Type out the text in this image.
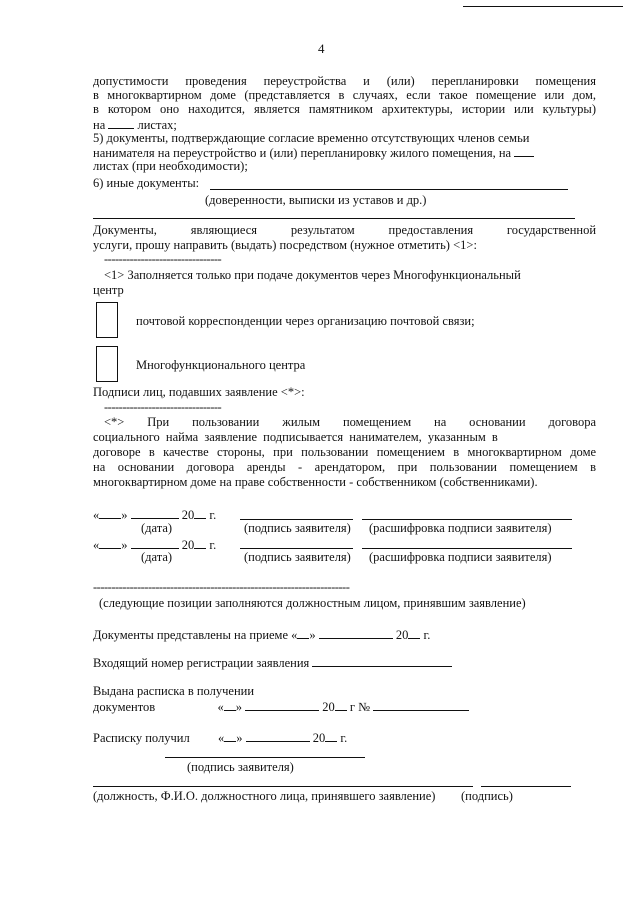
4
допустимости проведения переустройства и (или) перепланировки помещения
в многоквартирном доме (представляется в случаях, если такое помещение или дом,
в котором оно находится, является памятником архитектуры, истории или культуры)
на	листах;
5) документы, подтверждающие согласие временно отсутствующих членов семьи
нанимателя на переустройство и (или) перепланировку жилого помещения, на
листах (при необходимости);
6) иные документы:
(доверенности, выписки из уставов и др.)
Документы,	являющиеся	результатом	предоставления	государственной
услуги, прошу направить (выдать) посредством (нужное отметить) <1>:
--------------------------------
<1> Заполняется только при подаче документов через Многофункциональный
центр
почтовой корреспонденции через организацию почтовой связи;
Многофункционального центра
Подписи лиц, подавших заявление <*>:
--------------------------------
<*> При пользовании жилым помещением на основании договора
социального найма заявление подписывается нанимателем, указанным в
договоре в качестве стороны, при пользовании помещением в многоквартирном доме
на основании договора аренды - арендатором, при пользовании помещением в
многоквартирном доме на праве собственности - собственником (собственниками).
« »	20 г.
(дата)	(подпись заявителя) (расшифровка подписи заявителя)
« »	20 г.
(дата)	(подпись заявителя) (расшифровка подписи заявителя)
----------------------------------------------------------------------
(следующие позиции заполняются должностным лицом, принявшим заявление)
Документы представлены на приеме « »	20 г.
Входящий номер регистрации заявления
Выдана расписка в получении
документов	« »	20 г №
Расписку получил « »	20 г.
(подпись заявителя)
(должность, Ф.И.О. должностного лица, принявшего заявление) (подпись)
